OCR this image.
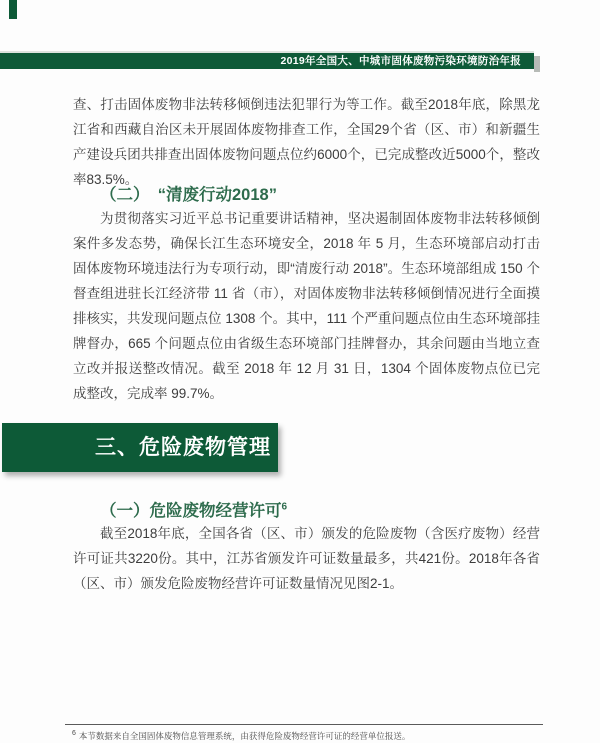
2019年全国大、中城市固体废物污染环境防治年报

查、打击固体废物非法转移倾倒违法犯罪行为等工作。截至2018年底，除黑龙江省和西藏自治区未开展固体废物排查工作，全国29个省（区、市）和新疆生产建设兵团共排查出固体废物问题点位约6000个，已完成整改近5000个，整改率83.5%。

（二）　“清废行动2018”

为贯彻落实习近平总书记重要讲话精神，坚决遏制固体废物非法转移倾倒案件多发态势，确保长江生态环境安全，2018 年 5 月，生态环境部启动打击固体废物环境违法行为专项行动，即“清废行动 2018”。生态环境部组成 150 个督查组进驻长江经济带 11 省（市），对固体废物非法转移倾倒情况进行全面摸排核实，共发现问题点位 1308 个。其中，111 个严重问题点位由生态环境部挂牌督办，665 个问题点位由省级生态环境部门挂牌督办，其余问题由当地立查立改并报送整改情况。截至 2018 年 12 月 31 日，1304 个固体废物点位已完成整改，完成率 99.7%。

三、危险废物管理
（一）危险废物经营许可$^6$

截至2018年底，全国各省（区、市）颁发的危险废物（含医疗废物）经营许可证共3220份。其中，江苏省颁发许可证数量最多，共421份。2018年各省（区、市）颁发危险废物经营许可证数量情况见图2-1。

$^6$ 本节数据来自全国固体废物信息管理系统，由获得危险废物经营许可证的经营单位报送。
